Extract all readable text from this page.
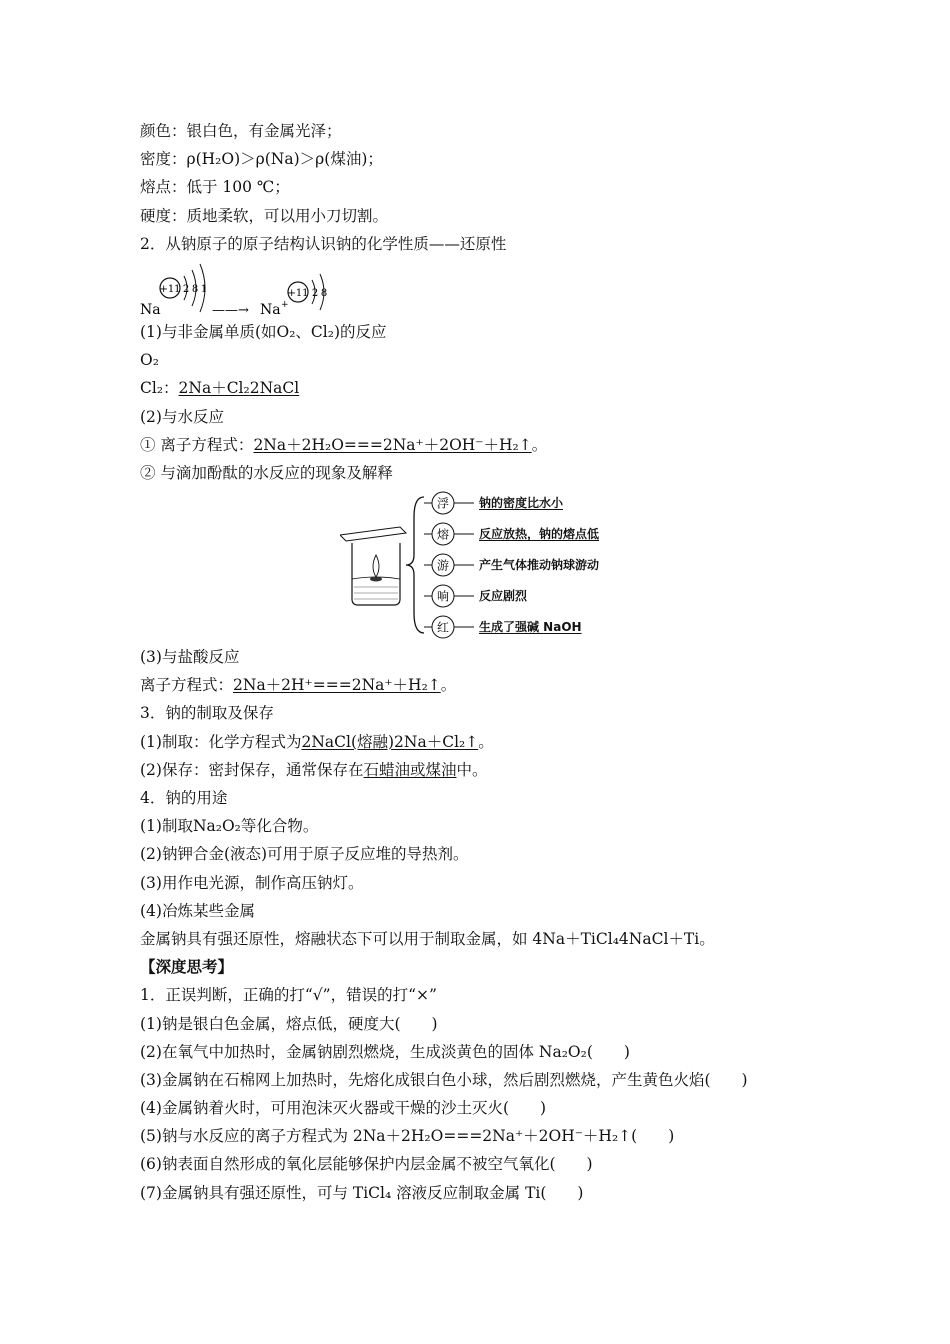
颜色：银白色，有金属光泽；
密度：ρ(H₂O)＞ρ(Na)＞ρ(煤油)；
熔点：低于 100 ℃；
硬度：质地柔软，可以用小刀切割。
2．从钠原子的原子结构认识钠的化学性质——还原性
+11 2 8 1	+11 2 8
Na	——→ Na +
(1)与非金属单质(如O₂、Cl₂)的反应
O₂
Cl₂：2Na＋Cl₂2NaCl
(2)与水反应
① 离子方程式：2Na＋2H₂O===2Na⁺＋2OH⁻＋H₂↑。
② 与滴加酚酞的水反应的现象及解释
浮
熔
游
响
红
钠的密度比水小
反应放热，钠的熔点低
产生气体推动钠球游动
反应剧烈
生成了强碱 NaOH
(3)与盐酸反应
离子方程式：2Na＋2H⁺===2Na⁺＋H₂↑。
3．钠的制取及保存
(1)制取：化学方程式为2NaCl(熔融)2Na＋Cl₂↑。
(2)保存：密封保存，通常保存在石蜡油或煤油中。
4．钠的用途
(1)制取Na₂O₂等化合物。
(2)钠钾合金(液态)可用于原子反应堆的导热剂。
(3)用作电光源，制作高压钠灯。
(4)冶炼某些金属
金属钠具有强还原性，熔融状态下可以用于制取金属，如 4Na＋TiCl₄4NaCl＋Ti。
【深度思考】
1．正误判断，正确的打“√”，错误的打“×”
(1)钠是银白色金属，熔点低，硬度大(　　)
(2)在氧气中加热时，金属钠剧烈燃烧，生成淡黄色的固体 Na₂O₂(　　)
(3)金属钠在石棉网上加热时，先熔化成银白色小球，然后剧烈燃烧，产生黄色火焰(　　)
(4)金属钠着火时，可用泡沫灭火器或干燥的沙土灭火(　　)
(5)钠与水反应的离子方程式为 2Na＋2H₂O===2Na⁺＋2OH⁻＋H₂↑(　　)
(6)钠表面自然形成的氧化层能够保护内层金属不被空气氧化(　　)
(7)金属钠具有强还原性，可与 TiCl₄ 溶液反应制取金属 Ti(　　)
